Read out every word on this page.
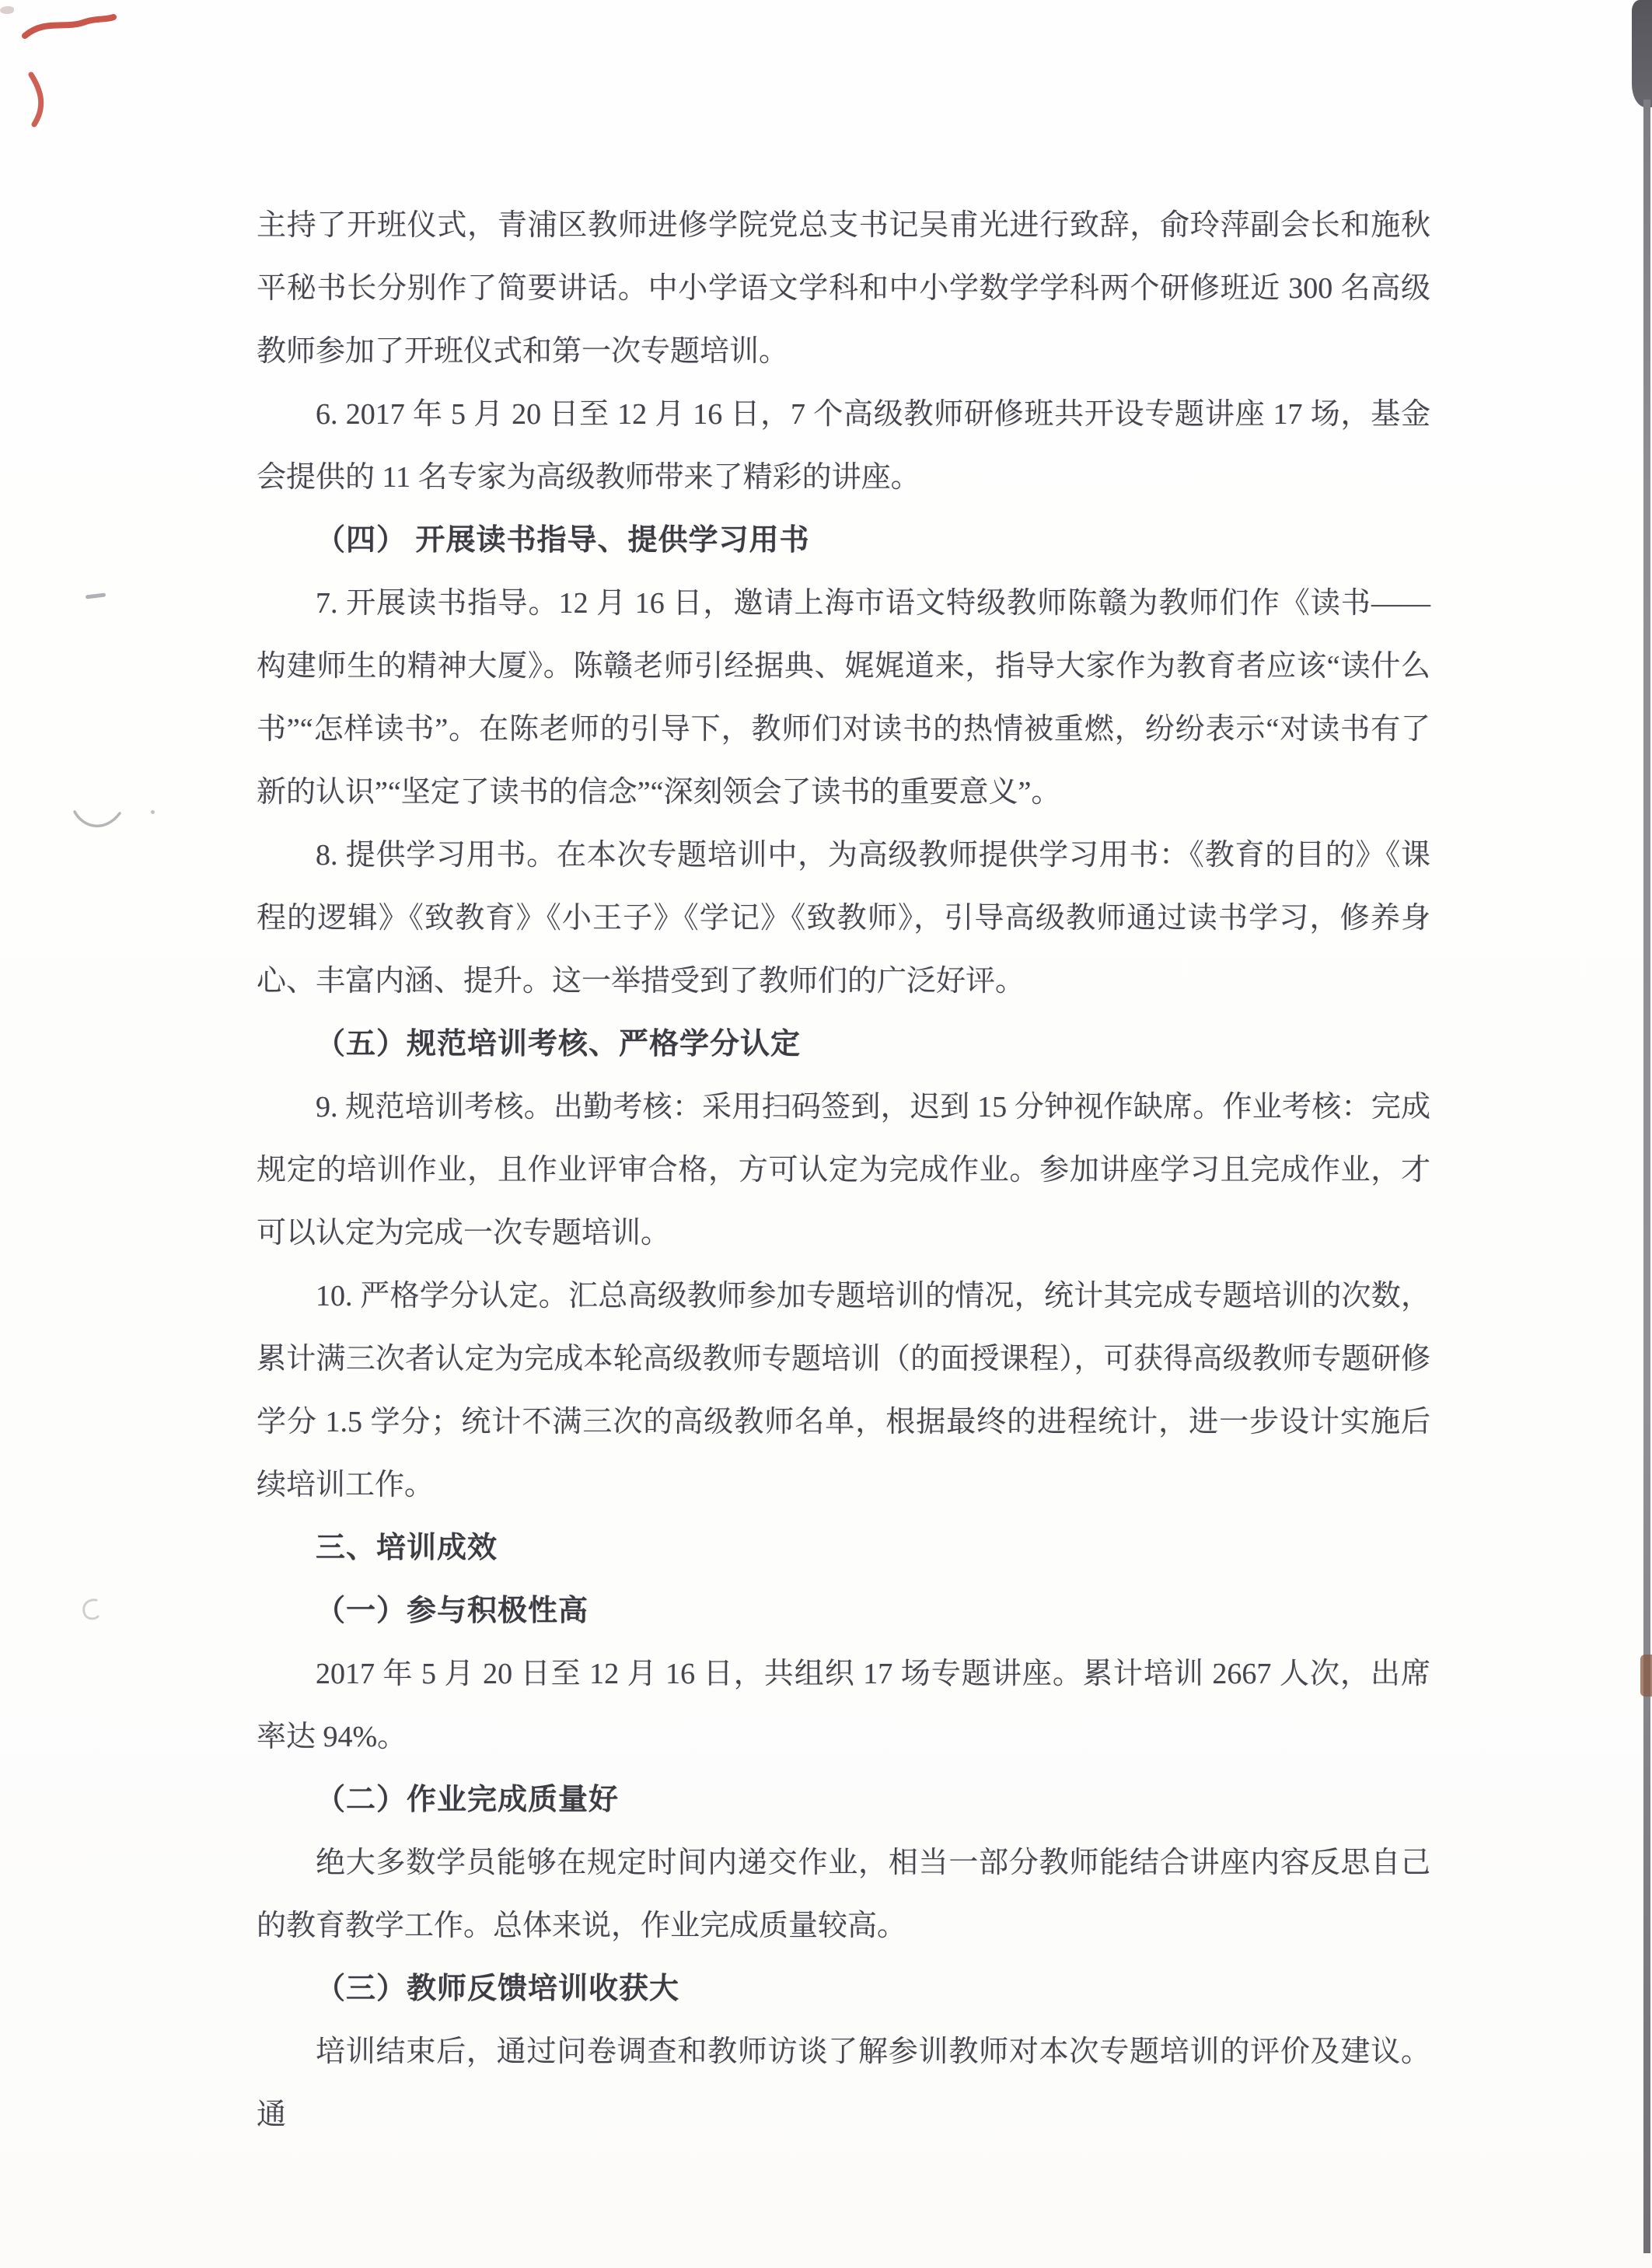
主持了开班仪式，青浦区教师进修学院党总支书记吴甫光进行致辞，俞玲萍副会长和施秋平秘书长分别作了简要讲话。中小学语文学科和中小学数学学科两个研修班近 300 名高级教师参加了开班仪式和第一次专题培训。

6. 2017 年 5 月 20 日至 12 月 16 日，7 个高级教师研修班共开设专题讲座 17 场，基金会提供的 11 名专家为高级教师带来了精彩的讲座。

（四） 开展读书指导、提供学习用书

7. 开展读书指导。12 月 16 日，邀请上海市语文特级教师陈赣为教师们作《读书——构建师生的精神大厦》。陈赣老师引经据典、娓娓道来，指导大家作为教育者应该“读什么书”“怎样读书”。在陈老师的引导下，教师们对读书的热情被重燃，纷纷表示“对读书有了新的认识”“坚定了读书的信念”“深刻领会了读书的重要意义”。

8. 提供学习用书。在本次专题培训中，为高级教师提供学习用书：《教育的目的》《课程的逻辑》《致教育》《小王子》《学记》《致教师》，引导高级教师通过读书学习，修养身心、丰富内涵、提升。这一举措受到了教师们的广泛好评。

（五）规范培训考核、严格学分认定

9. 规范培训考核。出勤考核：采用扫码签到，迟到 15 分钟视作缺席。作业考核：完成规定的培训作业，且作业评审合格，方可认定为完成作业。参加讲座学习且完成作业，才可以认定为完成一次专题培训。

10. 严格学分认定。汇总高级教师参加专题培训的情况，统计其完成专题培训的次数，累计满三次者认定为完成本轮高级教师专题培训（的面授课程），可获得高级教师专题研修学分 1.5 学分；统计不满三次的高级教师名单，根据最终的进程统计，进一步设计实施后续培训工作。

三、培训成效

（一）参与积极性高

2017 年 5 月 20 日至 12 月 16 日，共组织 17 场专题讲座。累计培训 2667 人次，出席率达 94%。

（二）作业完成质量好

绝大多数学员能够在规定时间内递交作业，相当一部分教师能结合讲座内容反思自己的教育教学工作。总体来说，作业完成质量较高。

（三）教师反馈培训收获大

培训结束后，通过问卷调查和教师访谈了解参训教师对本次专题培训的评价及建议。通
